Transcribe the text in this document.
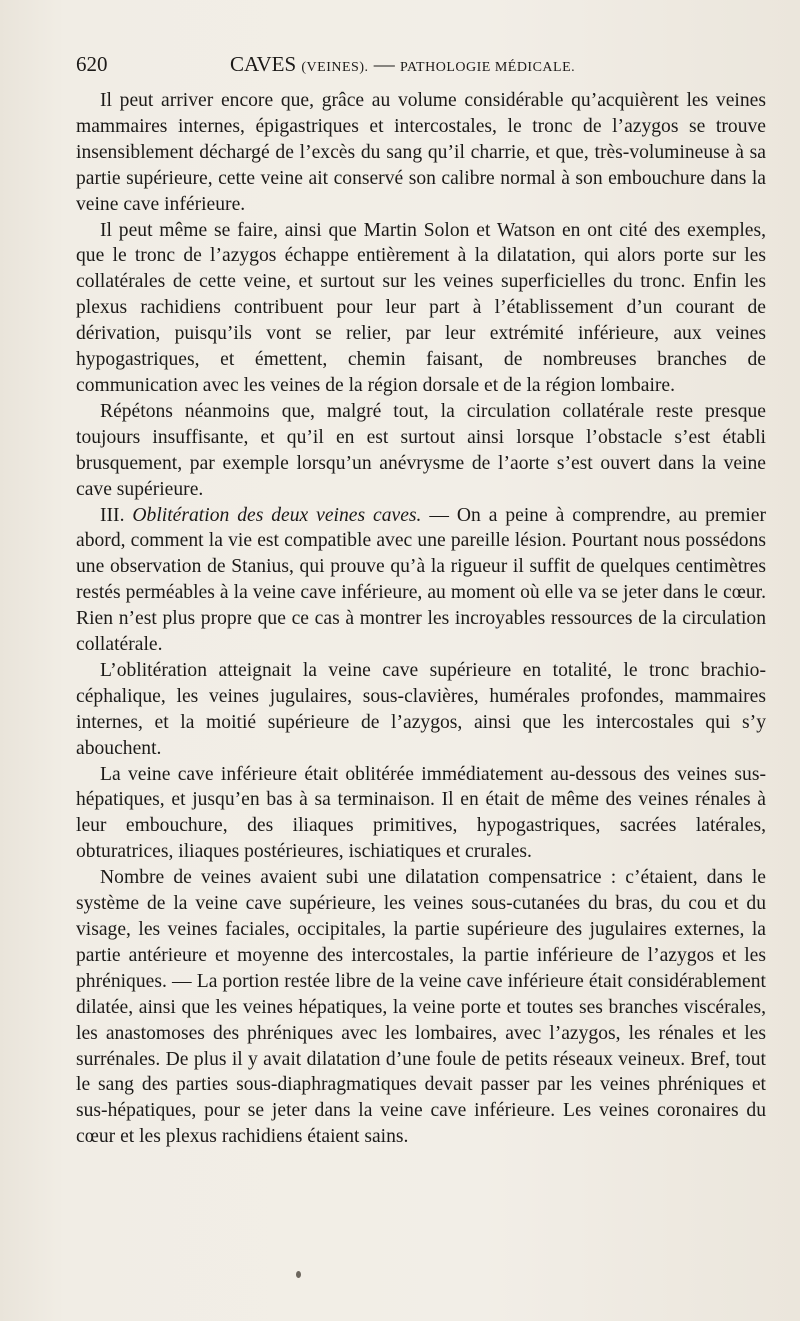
620	CAVES (VEINES). — PATHOLOGIE MÉDICALE.

Il peut arriver encore que, grâce au volume considérable qu’acquièrent les veines mammaires internes, épigastriques et intercostales, le tronc de l’azygos se trouve insensiblement déchargé de l’excès du sang qu’il charrie, et que, très-volumineuse à sa partie supérieure, cette veine ait conservé son calibre normal à son embouchure dans la veine cave inférieure.

Il peut même se faire, ainsi que Martin Solon et Watson en ont cité des exemples, que le tronc de l’azygos échappe entièrement à la dilatation, qui alors porte sur les collatérales de cette veine, et surtout sur les veines superficielles du tronc. Enfin les plexus rachidiens contribuent pour leur part à l’établissement d’un courant de dérivation, puisqu’ils vont se relier, par leur extrémité inférieure, aux veines hypogastriques, et émettent, chemin faisant, de nombreuses branches de communication avec les veines de la région dorsale et de la région lombaire.

Répétons néanmoins que, malgré tout, la circulation collatérale reste presque toujours insuffisante, et qu’il en est surtout ainsi lorsque l’obstacle s’est établi brusquement, par exemple lorsqu’un anévrysme de l’aorte s’est ouvert dans la veine cave supérieure.

III. Oblitération des deux veines caves. — On a peine à comprendre, au premier abord, comment la vie est compatible avec une pareille lésion. Pourtant nous possédons une observation de Stanius, qui prouve qu’à la rigueur il suffit de quelques centimètres restés perméables à la veine cave inférieure, au moment où elle va se jeter dans le cœur. Rien n’est plus propre que ce cas à montrer les incroyables ressources de la circulation collatérale.

L’oblitération atteignait la veine cave supérieure en totalité, le tronc brachio-céphalique, les veines jugulaires, sous-clavières, humérales profondes, mammaires internes, et la moitié supérieure de l’azygos, ainsi que les intercostales qui s’y abouchent.

La veine cave inférieure était oblitérée immédiatement au-dessous des veines sus-hépatiques, et jusqu’en bas à sa terminaison. Il en était de même des veines rénales à leur embouchure, des iliaques primitives, hypogastriques, sacrées latérales, obturatrices, iliaques postérieures, ischiatiques et crurales.

Nombre de veines avaient subi une dilatation compensatrice : c’étaient, dans le système de la veine cave supérieure, les veines sous-cutanées du bras, du cou et du visage, les veines faciales, occipitales, la partie supérieure des jugulaires externes, la partie antérieure et moyenne des intercostales, la partie inférieure de l’azygos et les phréniques. — La portion restée libre de la veine cave inférieure était considérablement dilatée, ainsi que les veines hépatiques, la veine porte et toutes ses branches viscérales, les anastomoses des phréniques avec les lombaires, avec l’azygos, les rénales et les surrénales. De plus il y avait dilatation d’une foule de petits réseaux veineux. Bref, tout le sang des parties sous-diaphragmatiques devait passer par les veines phréniques et sus-hépatiques, pour se jeter dans la veine cave inférieure. Les veines coronaires du cœur et les plexus rachidiens étaient sains.
